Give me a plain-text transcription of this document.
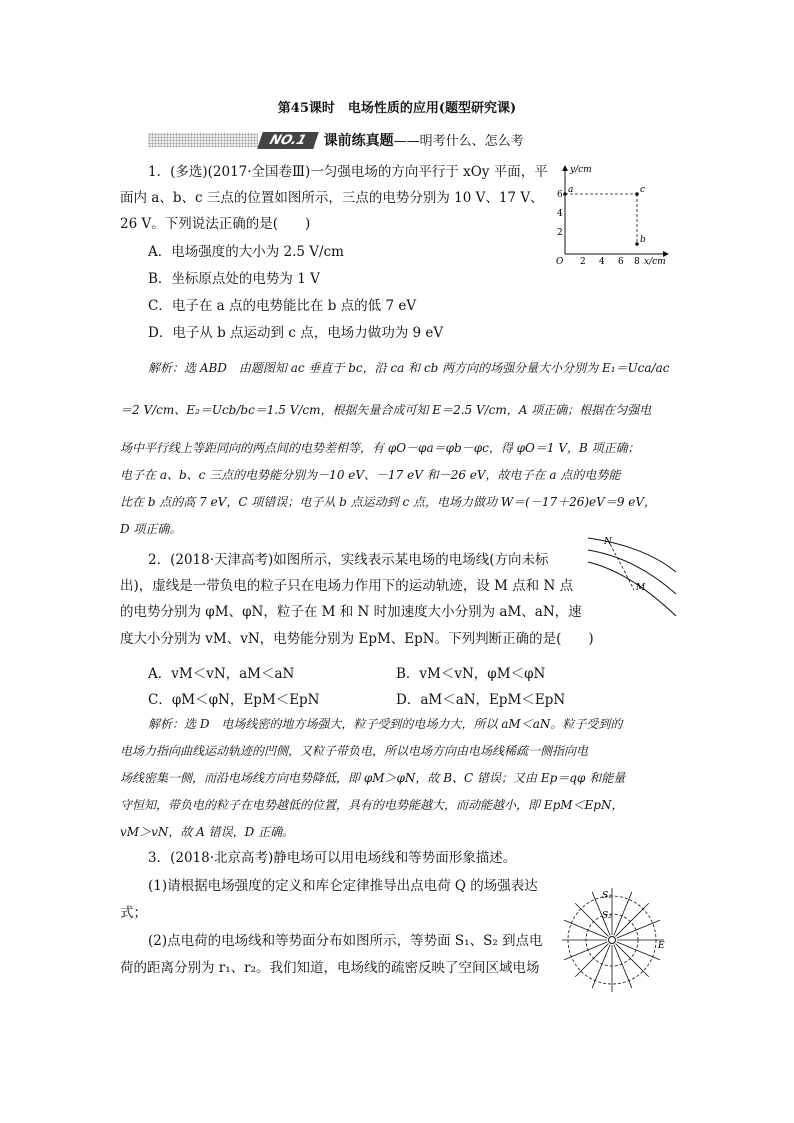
第45课时　电场性质的应用(题型研究课)
NO.1	课前练真题——明考什么、怎么考
1．(多选)(2017·全国卷Ⅲ)一匀强电场的方向平行于 xOy 平面，平
面内 a、b、c 三点的位置如图所示，三点的电势分别为 10 V、17 V、
26 V。下列说法正确的是(　　)
A．电场强度的大小为 2.5 V/cm
B．坐标原点处的电势为 1 V
C．电子在 a 点的电势能比在 b 点的低 7 eV
D．电子从 b 点运动到 c 点，电场力做功为 9 eV
y/cm
x/cm
O
6
4
2
2 4 6 8
a	c
b
解析：选 ABD　由题图知 ac 垂直于 bc，沿 ca 和 cb 两方向的场强分量大小分别为 E₁＝Uca/ac
＝2 V/cm、E₂＝Ucb/bc＝1.5 V/cm，根据矢量合成可知 E＝2.5 V/cm，A 项正确；根据在匀强电
场中平行线上等距同向的两点间的电势差相等，有 φO－φa＝φb－φc，得 φO＝1 V，B 项正确；
电子在 a、b、c 三点的电势能分别为－10 eV、－17 eV 和－26 eV，故电子在 a 点的电势能
比在 b 点的高 7 eV，C 项错误；电子从 b 点运动到 c 点，电场力做功 W＝(－17＋26)eV＝9 eV，
D 项正确。
2．(2018·天津高考)如图所示，实线表示某电场的电场线(方向未标
出)，虚线是一带负电的粒子只在电场力作用下的运动轨迹，设 M 点和 N 点
的电势分别为 φM、φN，粒子在 M 和 N 时加速度大小分别为 aM、aN，速
度大小分别为 vM、vN，电势能分别为 EpM、EpN。下列判断正确的是(　　)
N
M
A．vM＜vN，aM＜aN	B．vM＜vN，φM＜φN
C．φM＜φN，EpM＜EpN	D．aM＜aN，EpM＜EpN
解析：选 D　电场线密的地方场强大，粒子受到的电场力大，所以 aM＜aN。粒子受到的
电场力指向曲线运动轨迹的凹侧，又粒子带负电，所以电场方向由电场线稀疏一侧指向电
场线密集一侧，而沿电场线方向电势降低，即 φM＞φN，故 B、C 错误；又由 Ep＝qφ 和能量
守恒知，带负电的粒子在电势越低的位置，具有的电势能越大，而动能越小，即 EpM＜EpN，
vM＞vN，故 A 错误，D 正确。
3．(2018·北京高考)静电场可以用电场线和等势面形象描述。
(1)请根据电场强度的定义和库仑定律推导出点电荷 Q 的场强表达
式；
(2)点电荷的电场线和等势面分布如图所示，等势面 S₁、S₂ 到点电
荷的距离分别为 r₁、r₂。我们知道，电场线的疏密反映了空间区域电场
S₁
S₂
E
